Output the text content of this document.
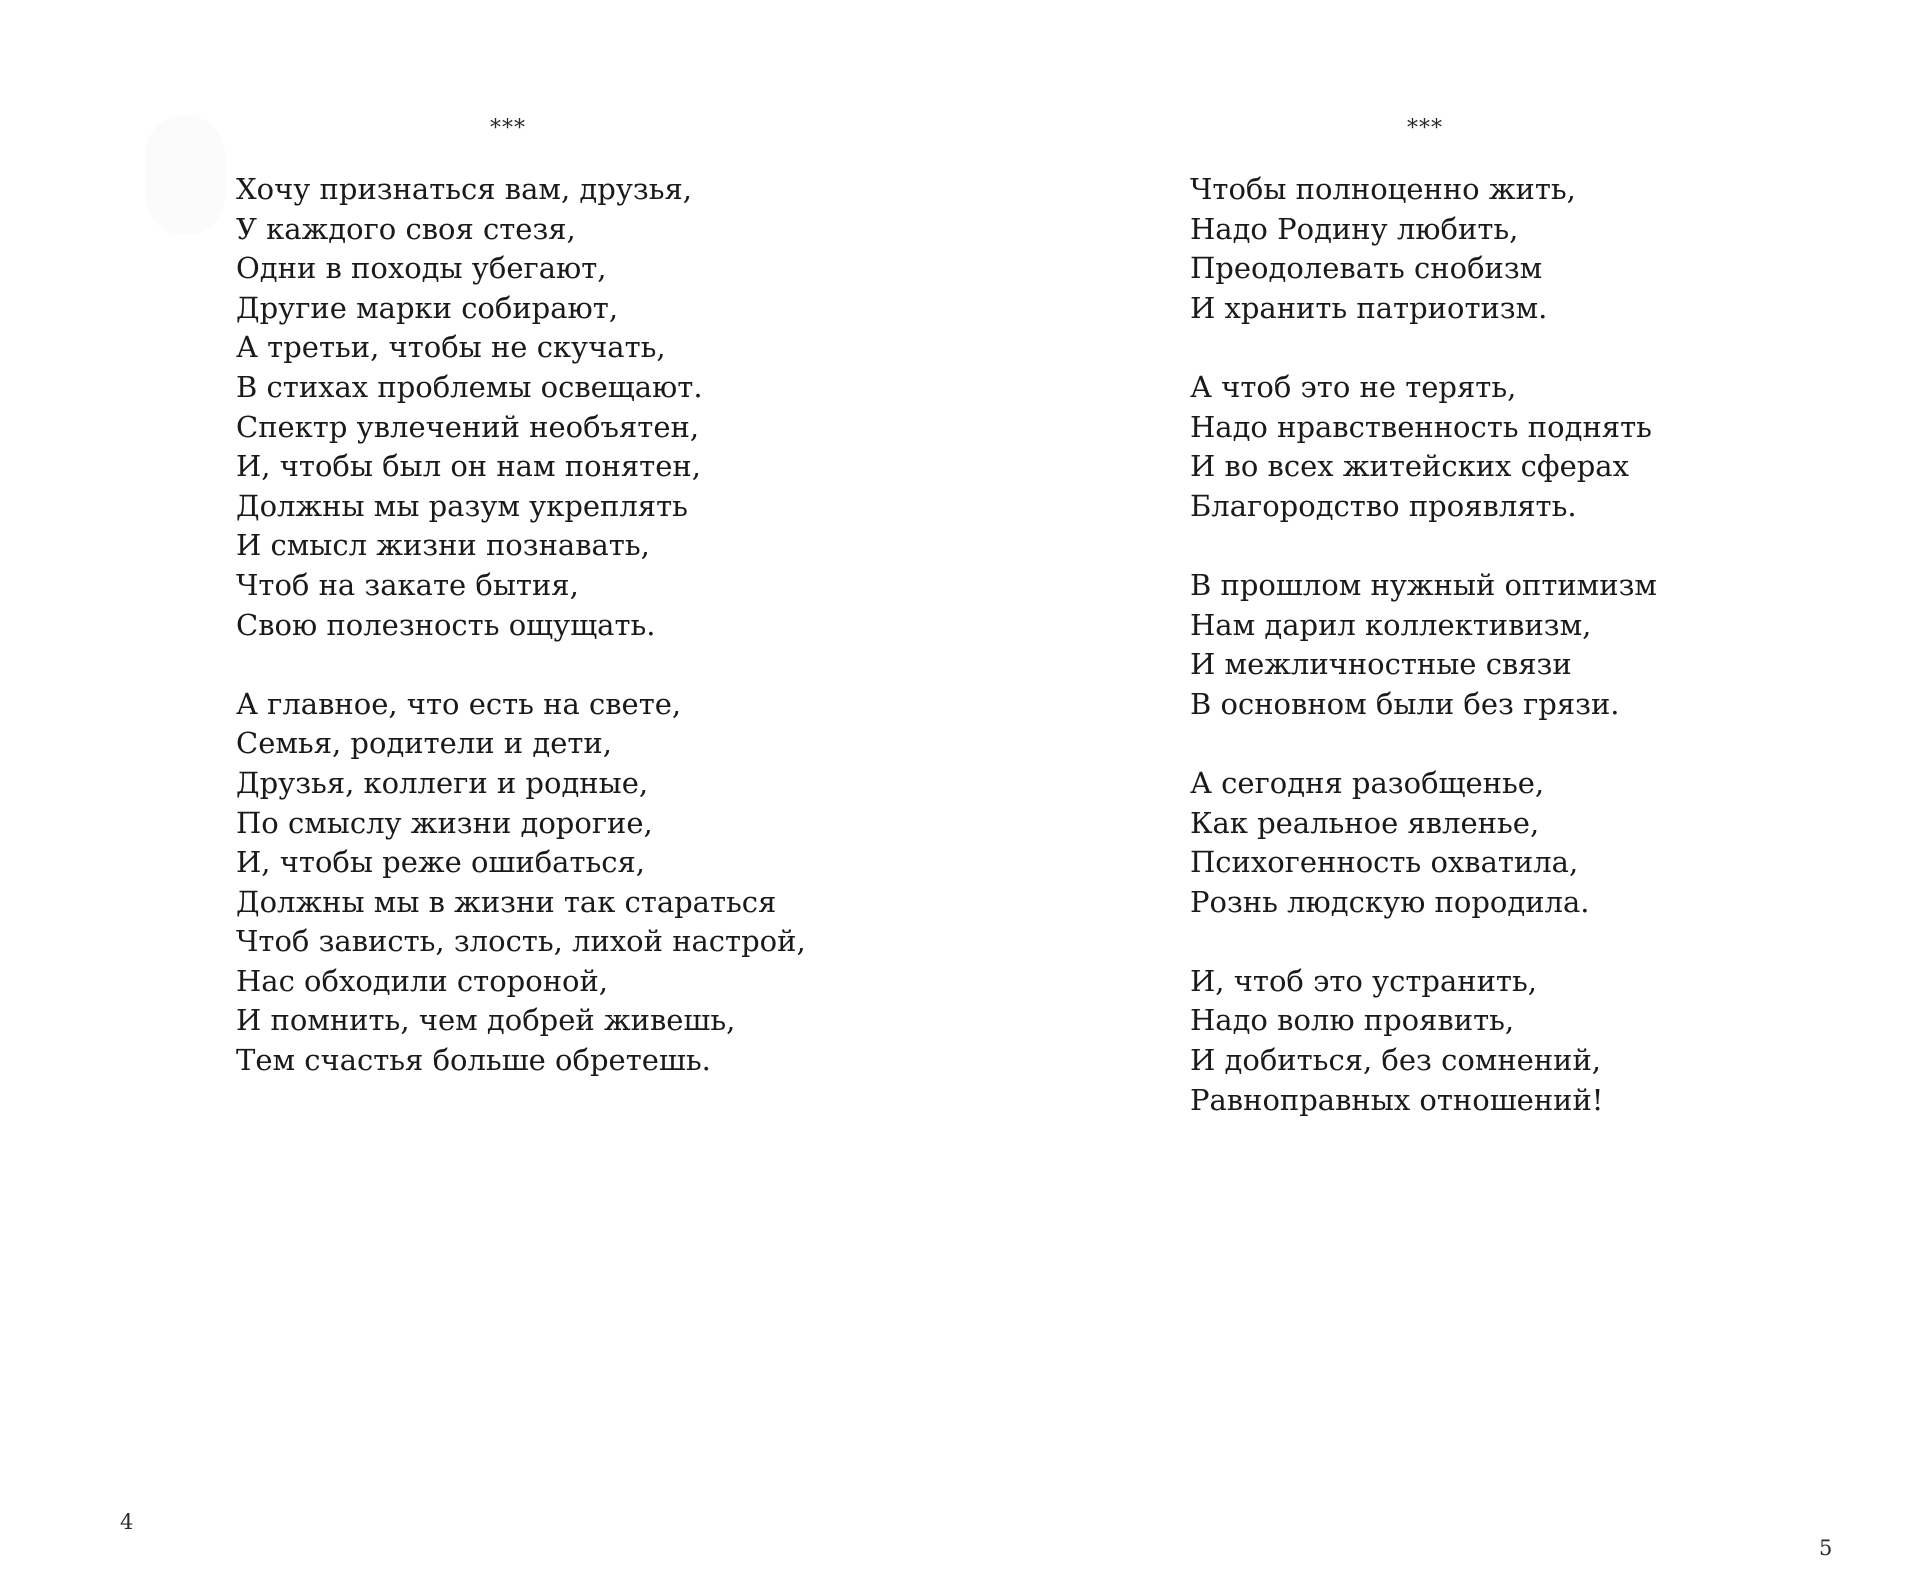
***
Хочу признаться вам, друзья,
У каждого своя стезя,
Одни в походы убегают,
Другие марки собирают,
А третьи, чтобы не скучать,
В стихах проблемы освещают.
Спектр увлечений необъятен,
И, чтобы был он нам понятен,
Должны мы разум укреплять
И смысл жизни познавать,
Чтоб на закате бытия,
Свою полезность ощущать.
А главное, что есть на свете,
Семья, родители и дети,
Друзья, коллеги и родные,
По смыслу жизни дорогие,
И, чтобы реже ошибаться,
Должны мы в жизни так стараться
Чтоб зависть, злость, лихой настрой,
Нас обходили стороной,
И помнить, чем добрей живешь,
Тем счастья больше обретешь.
4
***
Чтобы полноценно жить,
Надо Родину любить,
Преодолевать снобизм
И хранить патриотизм.
А чтоб это не терять,
Надо нравственность поднять
И во всех житейских сферах
Благородство проявлять.
В прошлом нужный оптимизм
Нам дарил коллективизм,
И межличностные связи
В основном были без грязи.
А сегодня разобщенье,
Как реальное явленье,
Психогенность охватила,
Рознь людскую породила.
И, чтоб это устранить,
Надо волю проявить,
И добиться, без сомнений,
Равноправных отношений!
5
